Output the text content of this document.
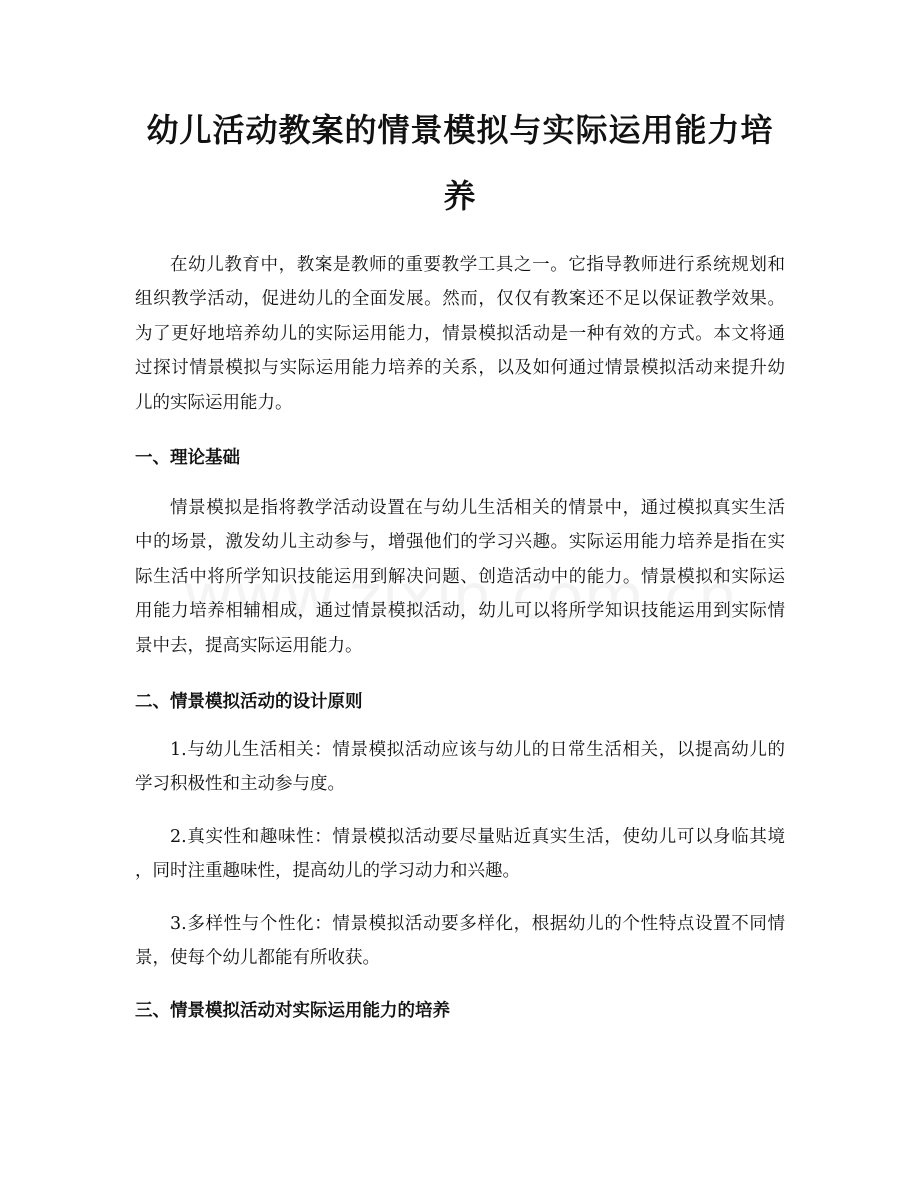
幼儿活动教案的情景模拟与实际运用能力培
养
在幼儿教育中，教案是教师的重要教学工具之一。它指导教师进行系统规划和
组织教学活动，促进幼儿的全面发展。然而，仅仅有教案还不足以保证教学效果。
为了更好地培养幼儿的实际运用能力，情景模拟活动是一种有效的方式。本文将通
过探讨情景模拟与实际运用能力培养的关系，以及如何通过情景模拟活动来提升幼
儿的实际运用能力。
一、理论基础
情景模拟是指将教学活动设置在与幼儿生活相关的情景中，通过模拟真实生活
中的场景，激发幼儿主动参与，增强他们的学习兴趣。实际运用能力培养是指在实
际生活中将所学知识技能运用到解决问题、创造活动中的能力。情景模拟和实际运
用能力培养相辅相成，通过情景模拟活动，幼儿可以将所学知识技能运用到实际情
景中去，提高实际运用能力。
二、情景模拟活动的设计原则
1.与幼儿生活相关：情景模拟活动应该与幼儿的日常生活相关，以提高幼儿的
学习积极性和主动参与度。
2.真实性和趣味性：情景模拟活动要尽量贴近真实生活，使幼儿可以身临其境
，同时注重趣味性，提高幼儿的学习动力和兴趣。
3.多样性与个性化：情景模拟活动要多样化，根据幼儿的个性特点设置不同情
景，使每个幼儿都能有所收获。
三、情景模拟活动对实际运用能力的培养
